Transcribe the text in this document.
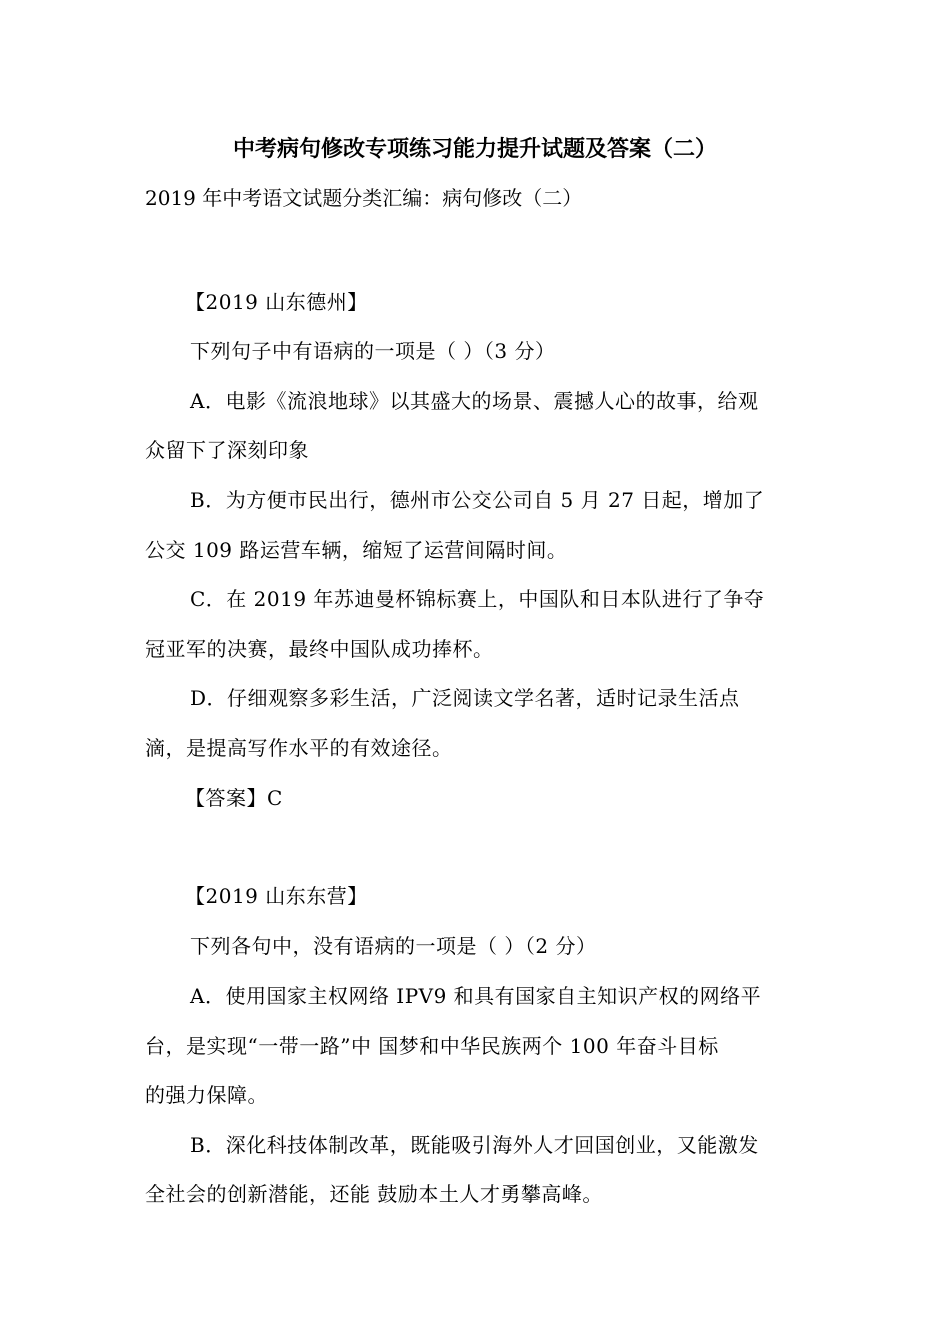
中考病句修改专项练习能力提升试题及答案（二）
2019 年中考语文试题分类汇编：病句修改（二）
【2019 山东德州】
下列句子中有语病的一项是（ ）（3 分）
A．电影《流浪地球》以其盛大的场景、震撼人心的故事，给观
众留下了深刻印象
B．为方便市民出行，德州市公交公司自 5 月 27 日起，增加了
公交 109 路运营车辆，缩短了运营间隔时间。
C．在 2019 年苏迪曼杯锦标赛上，中国队和日本队进行了争夺
冠亚军的决赛，最终中国队成功捧杯。
D．仔细观察多彩生活，广泛阅读文学名著，适时记录生活点
滴，是提高写作水平的有效途径。
【答案】C
【2019 山东东营】
下列各句中，没有语病的一项是（ ）（2 分）
A．使用国家主权网络 IPV9 和具有国家自主知识产权的网络平
台，是实现“一带一路”中 国梦和中华民族两个 100 年奋斗目标
的强力保障。
B．深化科技体制改革，既能吸引海外人才回国创业，又能激发
全社会的创新潜能，还能 鼓励本土人才勇攀高峰。
